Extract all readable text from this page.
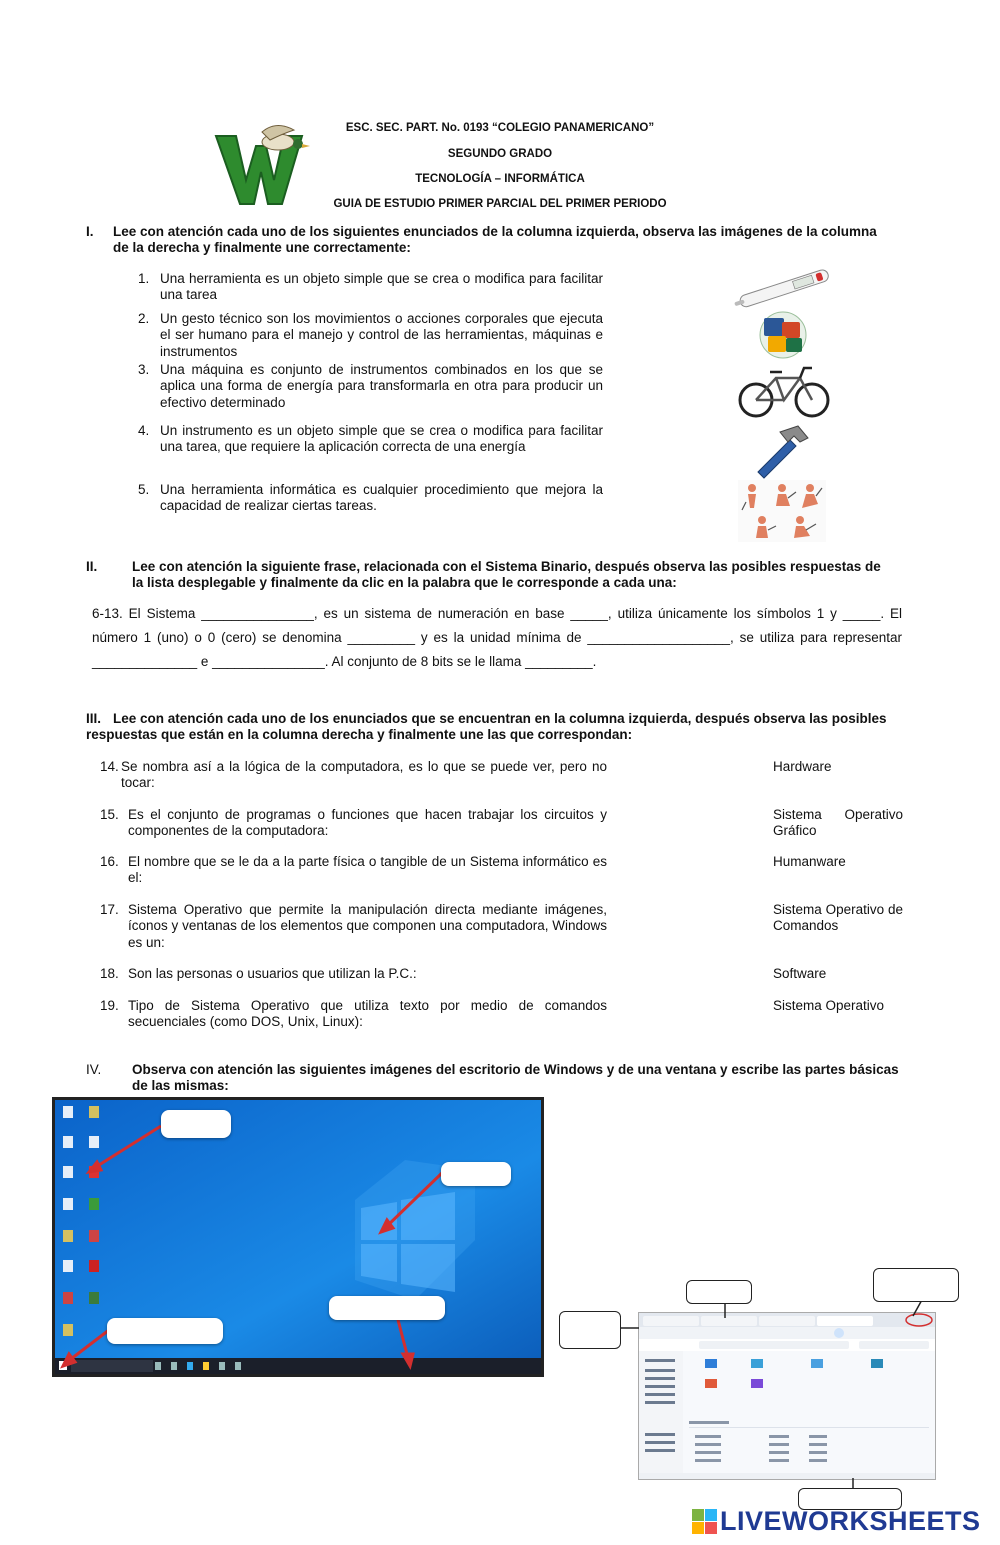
ESC. SEC. PART. No. 0193 “COLEGIO PANAMERICANO”
SEGUNDO GRADO
TECNOLOGÍA – INFORMÁTICA
GUIA DE ESTUDIO PRIMER PARCIAL DEL PRIMER PERIODO
I. Lee con atención cada uno de los siguientes enunciados de la columna izquierda, observa las imágenes de la columna
de la derecha y finalmente une correctamente:
1. Una herramienta es un objeto simple que se crea o modifica para facilitar una tarea
2. Un gesto técnico son los movimientos o acciones corporales que ejecuta el ser humano para el manejo y control de las herramientas, máquinas e instrumentos
3. Una máquina es conjunto de instrumentos combinados en los que se aplica una forma de energía para transformarla en otra para producir un efectivo determinado
4. Un instrumento es un objeto simple que se crea o modifica para facilitar una tarea, que requiere la aplicación correcta de una energía
5. Una herramienta informática es cualquier procedimiento que mejora la capacidad de realizar ciertas tareas.
II.	Lee con atención la siguiente frase, relacionada con el Sistema Binario, después observa las posibles respuestas de
la lista desplegable y finalmente da clic en la palabra que le corresponde a cada una:
6-13. El Sistema _______________, es un sistema de numeración en base _____, utiliza únicamente los símbolos 1 y _____. El
número 1 (uno) o 0 (cero) se denomina _________ y es la unidad mínima de ___________________, se utiliza para representar
______________ e _______________. Al conjunto de 8 bits se le llama _________.
III. Lee con atención cada uno de los enunciados que se encuentran en la columna izquierda, después observa las posibles
respuestas que están en la columna derecha y finalmente une las que correspondan:
14. Se nombra así a la lógica de la computadora, es lo que se puede ver, pero no tocar:
15. Es el conjunto de programas o funciones que hacen trabajar los circuitos y componentes de la computadora:
16. El nombre que se le da a la parte física o tangible de un Sistema informático es el:
17. Sistema Operativo que permite la manipulación directa mediante imágenes, íconos y ventanas de los elementos que componen una computadora, Windows es un:
18. Son las personas o usuarios que utilizan la P.C.:
19. Tipo de Sistema Operativo que utiliza texto por medio de comandos secuenciales (como DOS, Unix, Linux):
Hardware
Sistema Operativo Gráfico
Humanware
Sistema Operativo de Comandos
Software
Sistema Operativo
IV. Observa con atención las siguientes imágenes del escritorio de Windows y de una ventana y escribe las partes básicas
de las mismas:
LIVEWORKSHEETS
